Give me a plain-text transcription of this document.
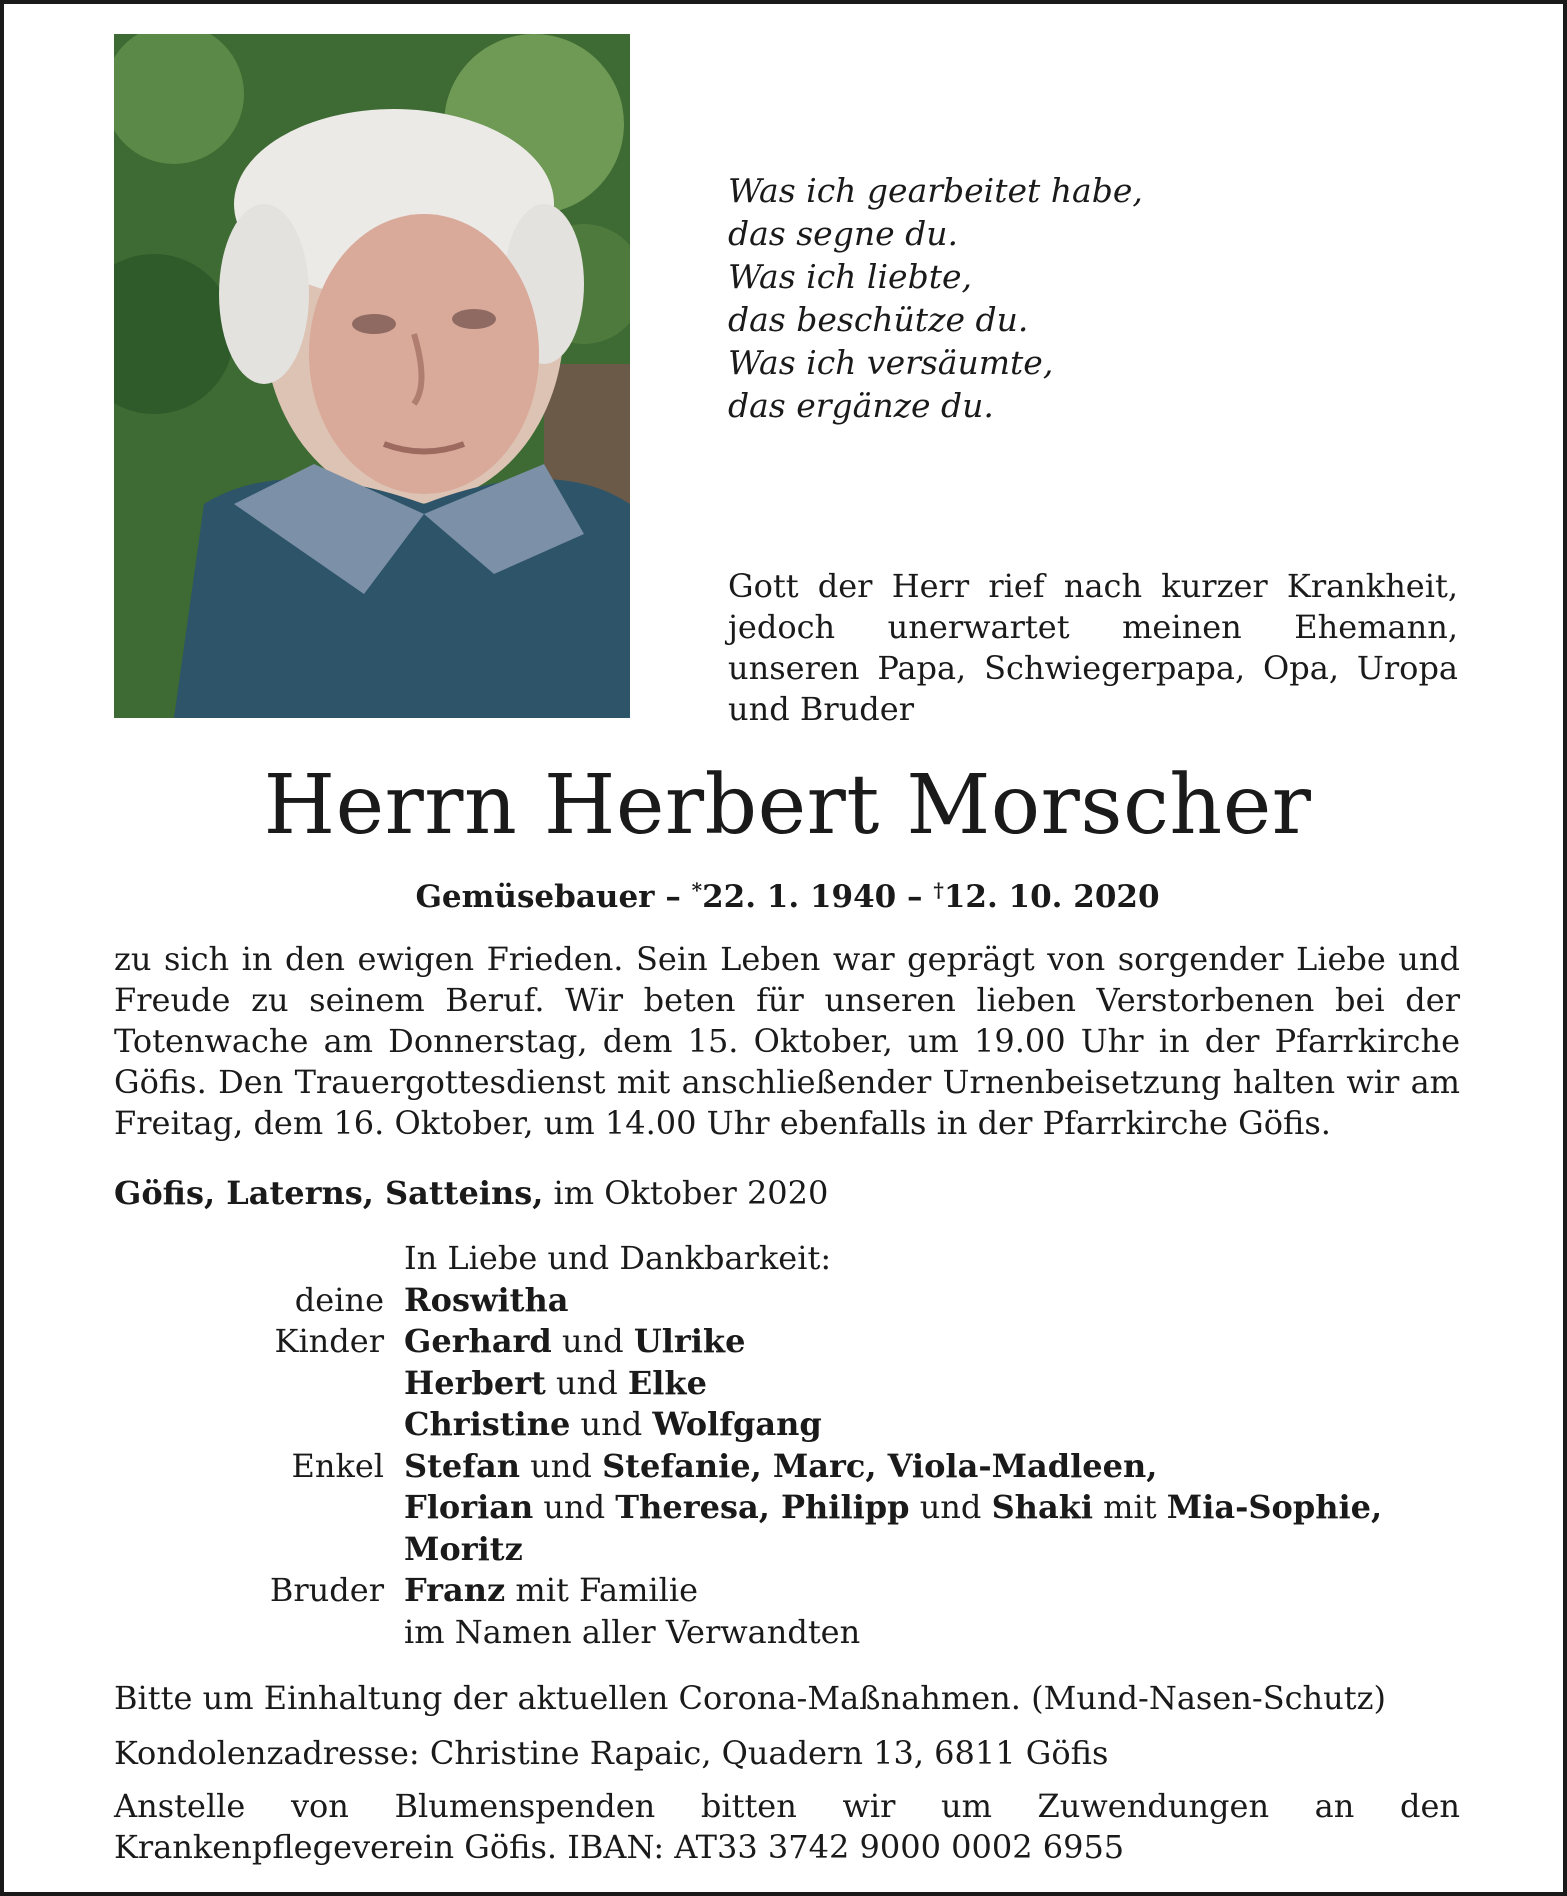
Was ich gearbeitet habe,
das segne du.
Was ich liebte,
das beschütze du.
Was ich versäumte,
das ergänze du.
Gott der Herr rief nach kurzer Krankheit, jedoch unerwartet meinen Ehemann, unseren Papa, Schwiegerpapa, Opa, Uropa und Bruder
Herrn Herbert Morscher
Gemüsebauer – *22. 1. 1940 – †12. 10. 2020
zu sich in den ewigen Frieden. Sein Leben war geprägt von sorgender Liebe und Freude zu seinem Beruf. Wir beten für unseren lieben Verstorbenen bei der Totenwache am Donnerstag, dem 15. Oktober, um 19.00 Uhr in der Pfarrkirche Göfis. Den Trauergottesdienst mit anschließender Urnenbeisetzung halten wir am Freitag, dem 16. Oktober, um 14.00 Uhr ebenfalls in der Pfarrkirche Göfis.
Göfis, Laterns, Satteins, im Oktober 2020
In Liebe und Dankbarkeit:
deine Roswitha
Kinder Gerhard und Ulrike
Herbert und Elke
Christine und Wolfgang
Enkel Stefan und Stefanie, Marc, Viola-Madleen,
Florian und Theresa, Philipp und Shaki mit Mia-Sophie,
Moritz
Bruder Franz mit Familie
im Namen aller Verwandten
Bitte um Einhaltung der aktuellen Corona-Maßnahmen. (Mund-Nasen-Schutz)
Kondolenzadresse: Christine Rapaic, Quadern 13, 6811 Göfis
Anstelle von Blumenspenden bitten wir um Zuwendungen an den Krankenpflegeverein Göfis. IBAN: AT33 3742 9000 0002 6955
